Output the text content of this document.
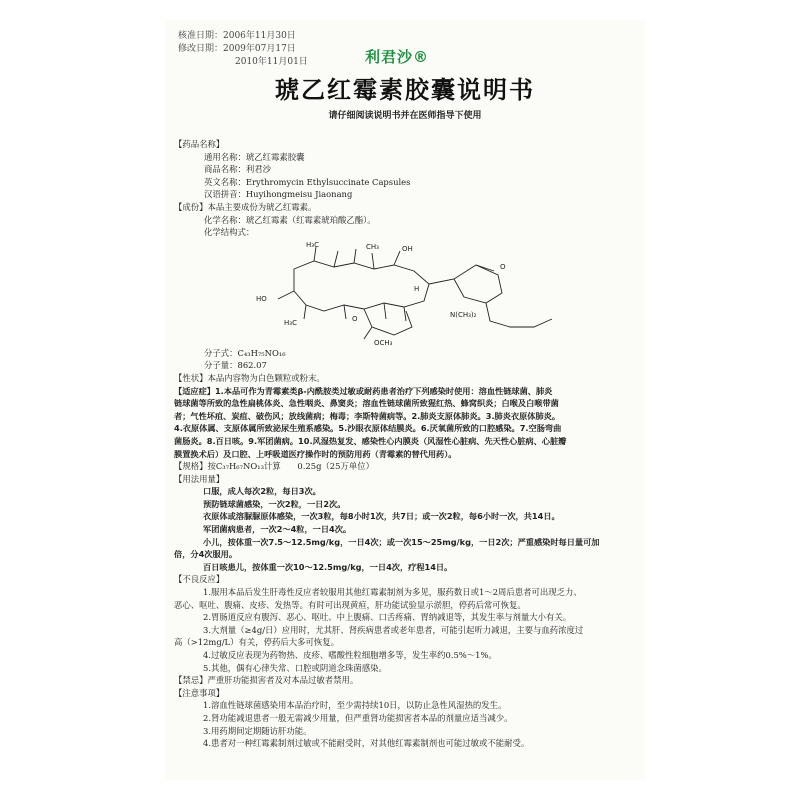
核准日期：2006年11月30日
修改日期：2009年07月17日
2010年11月01日	利君沙®
琥乙红霉素胶囊说明书
请仔细阅读说明书并在医师指导下使用
【药品名称】
通用名称：琥乙红霉素胶囊
商品名称：利君沙
英文名称：Erythromycin Ethylsuccinate Capsules
汉语拼音：Huyihongmeisu Jiaonang
【成份】本品主要成份为琥乙红霉素。
化学名称：琥乙红霉素（红霉素琥珀酸乙酯）。
化学结构式：
H₃C	CH₃	OH
HO
H₃C	O	N(CH₃)₂
OCH₃
O
H
分子式：C₄₃H₇₅NO₁₆
分子量：862.07
【性状】本品内容物为白色颗粒或粉末。
【适应症】1.本品可作为青霉素类β-内酰胺类过敏或耐药患者治疗下列感染时使用：溶血性链球菌、肺炎
链球菌等所致的急性扁桃体炎、急性咽炎、鼻窦炎；溶血性链球菌所致猩红热、蜂窝织炎；白喉及白喉带菌
者；气性坏疽、炭疽、破伤风；放线菌病；梅毒；李斯特菌病等。2.肺炎支原体肺炎。3.肺炎衣原体肺炎。
4.衣原体属、支原体属所致泌尿生殖系感染。5.沙眼衣原体结膜炎。6.厌氧菌所致的口腔感染。7.空肠弯曲
菌肠炎。8.百日咳。9.军团菌病。10.风湿热复发、感染性心内膜炎（风湿性心脏病、先天性心脏病、心脏瓣
膜置换术后）及口腔、上呼吸道医疗操作时的预防用药（青霉素的替代用药）。
【规格】按C₃₇H₆₇NO₁₃计算　　0.25g（25万单位）
【用法用量】
口服，成人每次2粒，每日3次。
预防链球菌感染，一次2粒，一日2次。
衣原体或溶脲脲原体感染，一次3粒，每8小时1次，共7日；或一次2粒，每6小时一次，共14日。
军团菌病患者，一次2～4粒，一日4次。
小儿，按体重一次7.5～12.5mg/kg，一日4次；或一次15～25mg/kg，一日2次；严重感染时每日量可加
倍，分4次服用。
百日咳患儿，按体重一次10～12.5mg/kg，一日4次，疗程14日。
【不良反应】
1.服用本品后发生肝毒性反应者较服用其他红霉素制剂为多见，服药数日或1～2周后患者可出现乏力、
恶心、呕吐、腹痛、皮疹、发热等。有时可出现黄疸，肝功能试验显示淤胆，停药后常可恢复。
2.胃肠道反应有腹泻、恶心、呕吐、中上腹痛、口舌疼痛、胃纳减退等，其发生率与剂量大小有关。
3.大剂量（≥4g/日）应用时，尤其肝、肾疾病患者或老年患者，可能引起听力减退，主要与血药浓度过
高（>12mg/L）有关，停药后大多可恢复。
4.过敏反应表现为药物热、皮疹、嗜酸性粒细胞增多等，发生率约0.5%～1%。
5.其他，偶有心律失常、口腔或阴道念珠菌感染。
【禁忌】严重肝功能损害者及对本品过敏者禁用。
【注意事项】
1.溶血性链球菌感染用本品治疗时，至少需持续10日，以防止急性风湿热的发生。
2.肾功能减退患者一般无需减少用量，但严重肾功能损害者本品的剂量应适当减少。
3.用药期间定期随访肝功能。
4.患者对一种红霉素制剂过敏或不能耐受时，对其他红霉素制剂也可能过敏或不能耐受。
